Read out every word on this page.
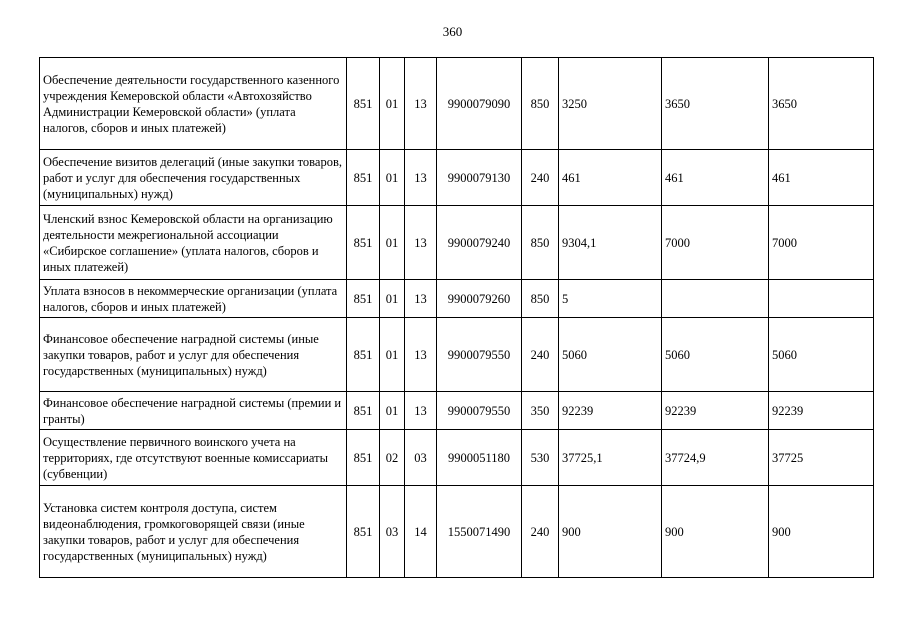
360
Обеспечение деятельности государственного казенного учреждения Кемеровской области «Автохозяйство Администрации Кемеровской области» (уплата налогов, сборов и иных платежей)	851	01	13	9900079090	850	3250	3650	3650
Обеспечение визитов делегаций (иные закупки товаров, работ и услуг для обеспечения государственных (муниципальных) нужд)	851	01	13	9900079130	240	461	461	461
Членский взнос Кемеровской области на организацию деятельности межрегиональной ассоциации «Сибирское соглашение» (уплата налогов, сборов и иных платежей)	851	01	13	9900079240	850	9304,1	7000	7000
Уплата взносов в некоммерческие организации (уплата налогов, сборов и иных платежей)	851	01	13	9900079260	850	5		
Финансовое обеспечение наградной системы (иные закупки товаров, работ и услуг для обеспечения государственных (муниципальных) нужд)	851	01	13	9900079550	240	5060	5060	5060
Финансовое обеспечение наградной системы (премии и гранты)	851	01	13	9900079550	350	92239	92239	92239
Осуществление первичного воинского учета на территориях, где отсутствуют военные комиссариаты (субвенции)	851	02	03	9900051180	530	37725,1	37724,9	37725
Установка систем контроля доступа, систем видеонаблюдения, громкоговорящей связи (иные закупки товаров, работ и услуг для обеспечения государственных (муниципальных) нужд)	851	03	14	1550071490	240	900	900	900
